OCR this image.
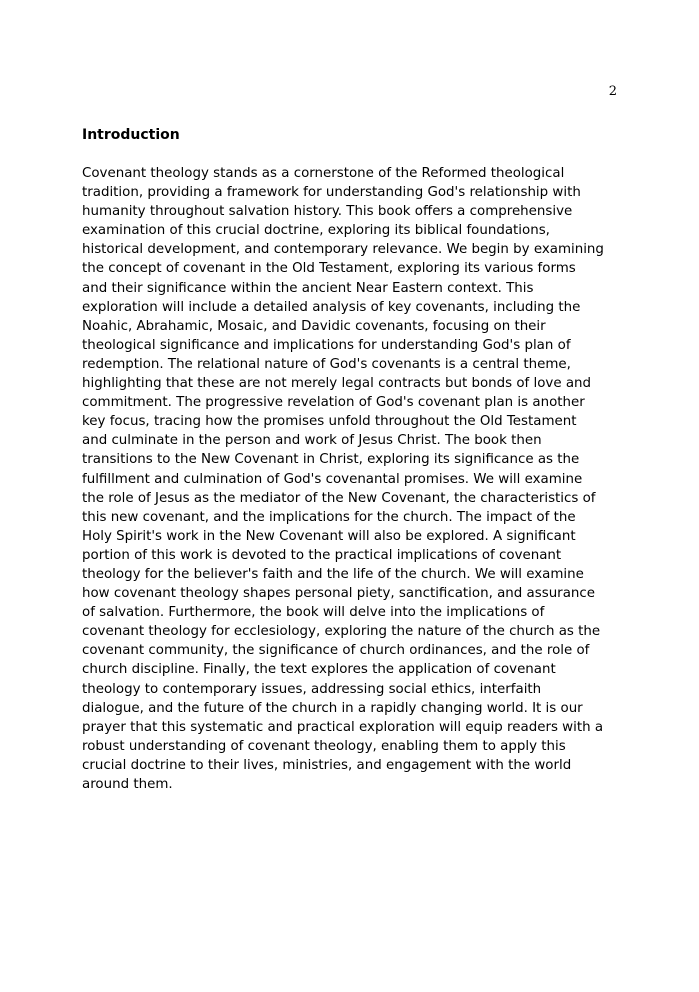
2
Introduction

Covenant theology stands as a cornerstone of the Reformed theological
tradition, providing a framework for understanding God's relationship with
humanity throughout salvation history. This book offers a comprehensive
examination of this crucial doctrine, exploring its biblical foundations,
historical development, and contemporary relevance. We begin by examining
the concept of covenant in the Old Testament, exploring its various forms
and their significance within the ancient Near Eastern context. This
exploration will include a detailed analysis of key covenants, including the
Noahic, Abrahamic, Mosaic, and Davidic covenants, focusing on their
theological significance and implications for understanding God's plan of
redemption. The relational nature of God's covenants is a central theme,
highlighting that these are not merely legal contracts but bonds of love and
commitment. The progressive revelation of God's covenant plan is another
key focus, tracing how the promises unfold throughout the Old Testament
and culminate in the person and work of Jesus Christ. The book then
transitions to the New Covenant in Christ, exploring its significance as the
fulfillment and culmination of God's covenantal promises. We will examine
the role of Jesus as the mediator of the New Covenant, the characteristics of
this new covenant, and the implications for the church. The impact of the
Holy Spirit's work in the New Covenant will also be explored. A significant
portion of this work is devoted to the practical implications of covenant
theology for the believer's faith and the life of the church. We will examine
how covenant theology shapes personal piety, sanctification, and assurance
of salvation. Furthermore, the book will delve into the implications of
covenant theology for ecclesiology, exploring the nature of the church as the
covenant community, the significance of church ordinances, and the role of
church discipline. Finally, the text explores the application of covenant
theology to contemporary issues, addressing social ethics, interfaith
dialogue, and the future of the church in a rapidly changing world. It is our
prayer that this systematic and practical exploration will equip readers with a
robust understanding of covenant theology, enabling them to apply this
crucial doctrine to their lives, ministries, and engagement with the world
around them.
